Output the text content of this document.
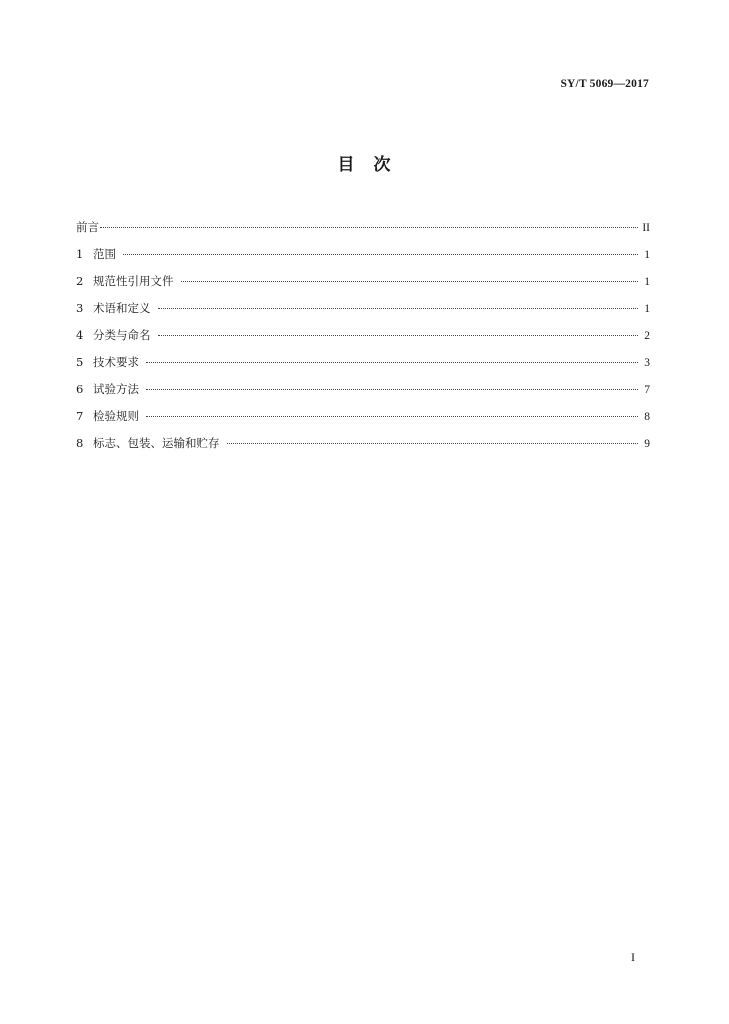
SY/T 5069—2017
目　次
前言	II
1 范围	1
2 规范性引用文件	1
3 术语和定义	1
4 分类与命名	2
5 技术要求	3
6 试验方法	7
7 检验规则	8
8 标志、包装、运输和贮存	9
I
